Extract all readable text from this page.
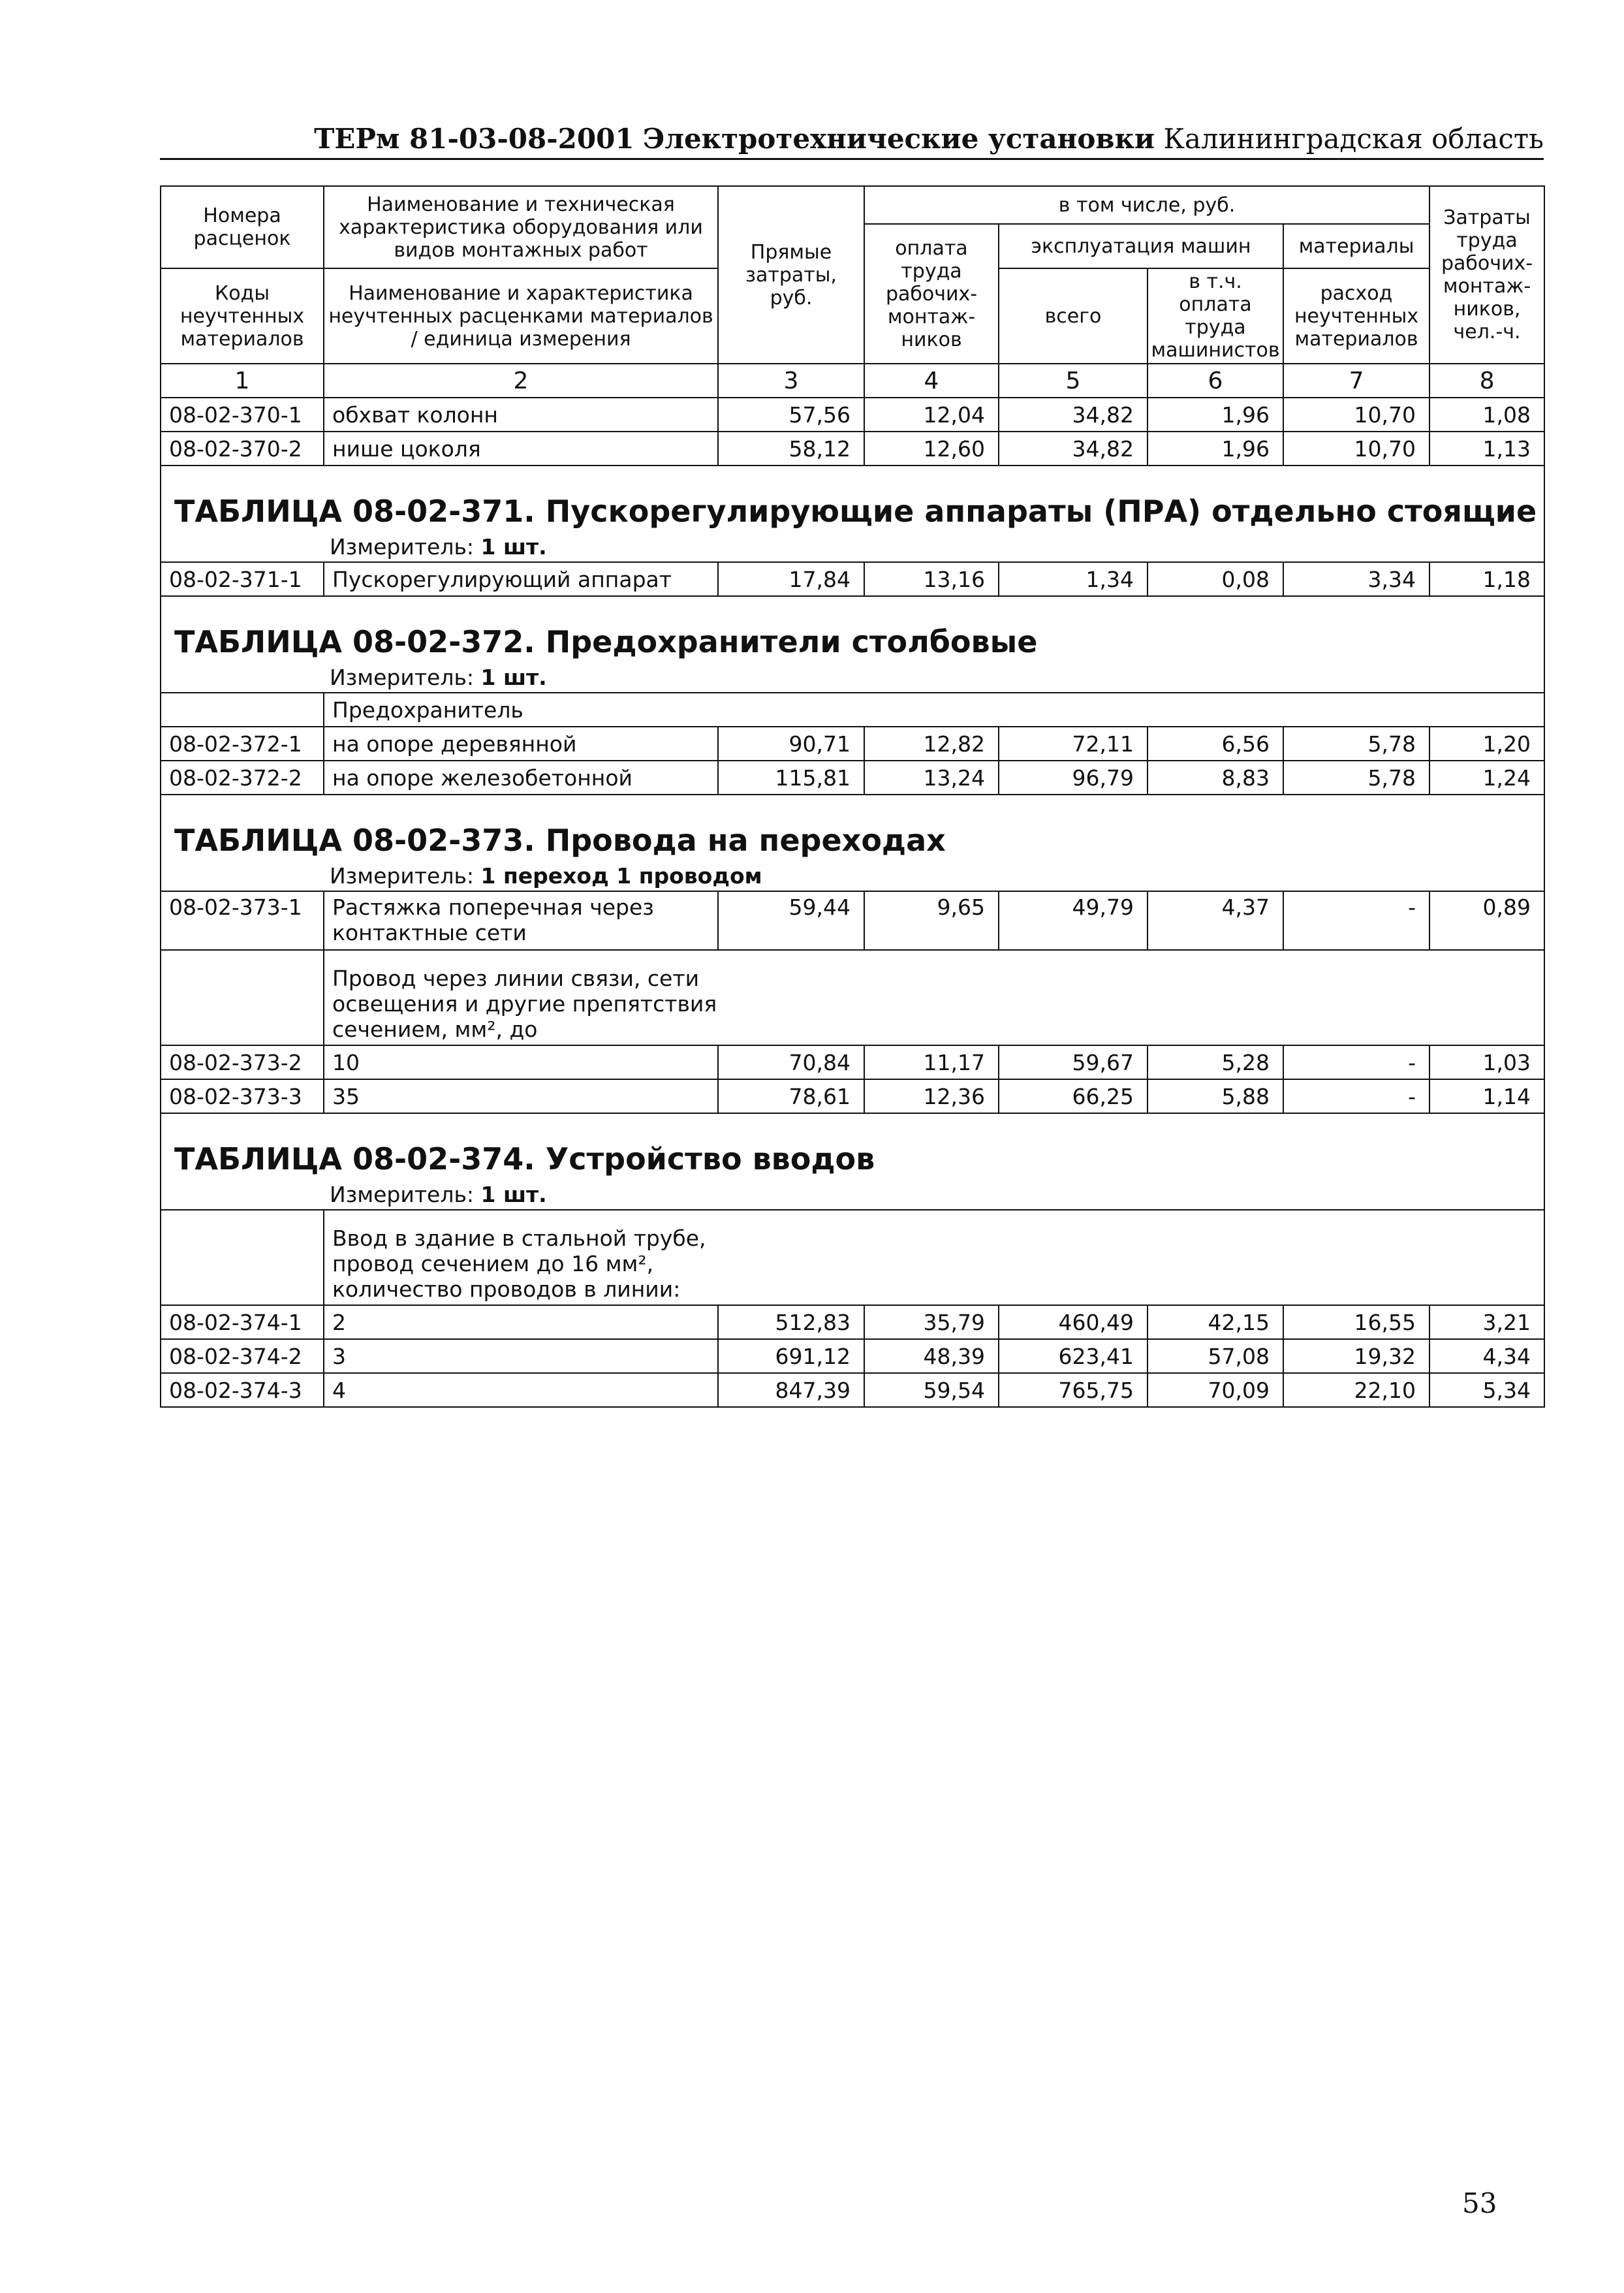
ТЕРм 81-03-08-2001 Электротехнические установки Калининградская область
Номера расценок	Наименование и техническая характеристика оборудования или видов монтажных работ	Прямые затраты, руб.	в том числе, руб.				Затраты труда рабочих-монтаж-ников, чел.-ч.
			оплата труда рабочих-монтаж-ников	эксплуатация машин		материалы	
Коды неучтенных материалов	Наименование и характеристика неучтенных расценками материалов / единица измерения			всего	в т.ч. оплата труда машинистов	расход неучтенных материалов	

1	2	3	4	5	6	7	8
08-02-370-1	обхват колонн	57,56	12,04	34,82	1,96	10,70	1,08
08-02-370-2	нише цоколя	58,12	12,60	34,82	1,96	10,70	1,13
ТАБЛИЦА 08-02-371. Пускорегулирующие аппараты (ПРА) отдельно стоящие							
Измеритель: 1 шт.							
08-02-371-1	Пускорегулирующий аппарат	17,84	13,16	1,34	0,08	3,34	1,18
ТАБЛИЦА 08-02-372. Предохранители столбовые							
Измеритель: 1 шт.							
	Предохранитель						
08-02-372-1	на опоре деревянной	90,71	12,82	72,11	6,56	5,78	1,20
08-02-372-2	на опоре железобетонной	115,81	13,24	96,79	8,83	5,78	1,24
ТАБЛИЦА 08-02-373. Провода на переходах							
Измеритель: 1 переход 1 проводом							
08-02-373-1	Растяжка поперечная через контактные сети	59,44	9,65	49,79	4,37	-	0,89

	Провод через линии связи, сети освещения и другие препятствия сечением, мм², до						

08-02-373-2	10	70,84	11,17	59,67	5,28	-	1,03
08-02-373-3	35	78,61	12,36	66,25	5,88	-	1,14
ТАБЛИЦА 08-02-374. Устройство вводов							
Измеритель: 1 шт.							

	Ввод в здание в стальной трубе, провод сечением до 16 мм², количество проводов в линии:						

08-02-374-1	2	512,83	35,79	460,49	42,15	16,55	3,21
08-02-374-2	3	691,12	48,39	623,41	57,08	19,32	4,34
08-02-374-3	4	847,39	59,54	765,75	70,09	22,10	5,34
53
